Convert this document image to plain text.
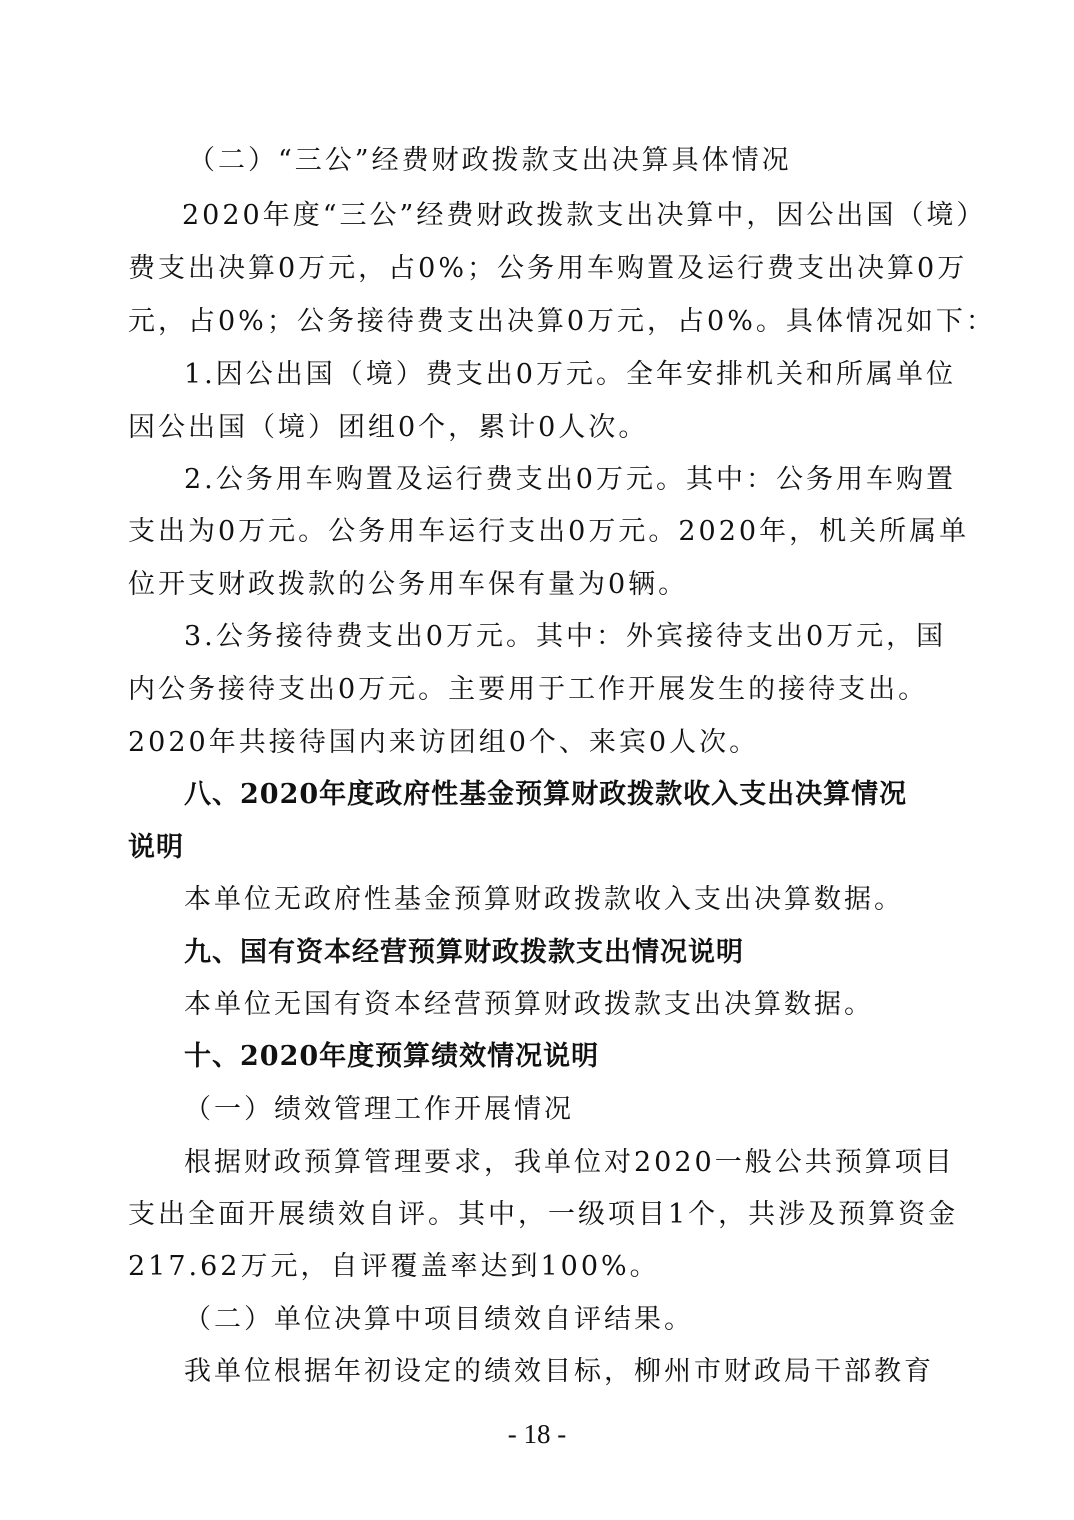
（二）“三公”经费财政拨款支出决算具体情况
2020年度“三公”经费财政拨款支出决算中，因公出国（境）
费支出决算0万元，占0%；公务用车购置及运行费支出决算0万
元，占0%；公务接待费支出决算0万元，占0%。具体情况如下：
1.因公出国（境）费支出0万元。全年安排机关和所属单位
因公出国（境）团组0个，累计0人次。
2.公务用车购置及运行费支出0万元。其中：公务用车购置
支出为0万元。公务用车运行支出0万元。2020年，机关所属单
位开支财政拨款的公务用车保有量为0辆。
3.公务接待费支出0万元。其中：外宾接待支出0万元，国
内公务接待支出0万元。主要用于工作开展发生的接待支出。
2020年共接待国内来访团组0个、来宾0人次。
八、2020年度政府性基金预算财政拨款收入支出决算情况
说明
本单位无政府性基金预算财政拨款收入支出决算数据。
九、国有资本经营预算财政拨款支出情况说明
本单位无国有资本经营预算财政拨款支出决算数据。
十、2020年度预算绩效情况说明
（一）绩效管理工作开展情况
根据财政预算管理要求，我单位对2020一般公共预算项目
支出全面开展绩效自评。其中，一级项目1个，共涉及预算资金
217.62万元，自评覆盖率达到100%。
（二）单位决算中项目绩效自评结果。
我单位根据年初设定的绩效目标，柳州市财政局干部教育
- 18 -
